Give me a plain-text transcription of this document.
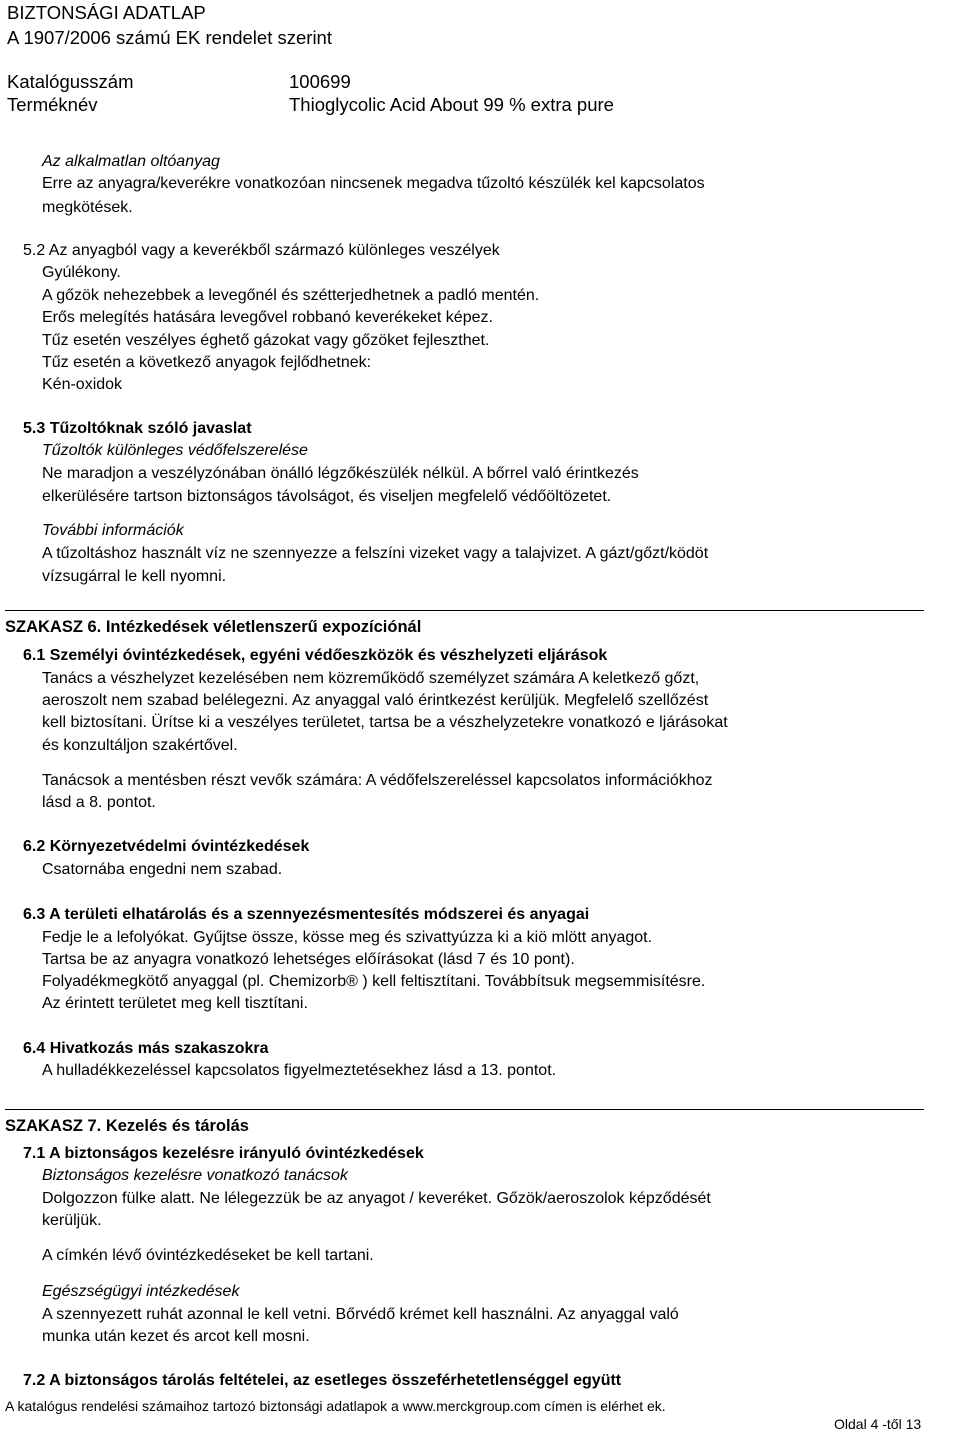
BIZTONSÁGI ADATLAP
A 1907/2006 számú EK rendelet szerint
Katalógusszám	100699
Terméknév	Thioglycolic Acid About 99 % extra pure
Az alkalmatlan oltóanyag
Erre az anyagra/keverékre vonatkozóan nincsenek megadva tűzoltó készülék kel kapcsolatos
megkötések.
5.2 Az anyagból vagy a keverékből származó különleges veszélyek
Gyúlékony.
A gőzök nehezebbek a levegőnél és szétterjedhetnek a padló mentén.
Erős melegítés hatására levegővel robbanó keverékeket képez.
Tűz esetén veszélyes éghető gázokat vagy gőzöket fejleszthet.
Tűz esetén a következő anyagok fejlődhetnek:
Kén-oxidok
5.3 Tűzoltóknak szóló javaslat
Tűzoltók különleges védőfelszerelése
Ne maradjon a veszélyzónában önálló légzőkészülék nélkül. A bőrrel való érintkezés
elkerülésére tartson biztonságos távolságot, és viseljen megfelelő védőöltözetet.
További információk
A tűzoltáshoz használt víz ne szennyezze a felszíni vizeket vagy a talajvizet. A gázt/gőzt/ködöt
vízsugárral le kell nyomni.
SZAKASZ 6. Intézkedések véletlenszerű expozíciónál
6.1 Személyi óvintézkedések, egyéni védőeszközök és vészhelyzeti eljárások
Tanács a vészhelyzet kezelésében nem közreműködő személyzet számára A keletkező gőzt,
aeroszolt nem szabad belélegezni. Az anyaggal való érintkezést kerüljük. Megfelelő szellőzést
kell biztosítani. Ürítse ki a veszélyes területet, tartsa be a vészhelyzetekre vonatkozó e ljárásokat
és konzultáljon szakértővel.
Tanácsok a mentésben részt vevők számára: A védőfelszereléssel kapcsolatos információkhoz
lásd a 8. pontot.
6.2 Környezetvédelmi óvintézkedések
Csatornába engedni nem szabad.
6.3 A területi elhatárolás és a szennyezésmentesítés módszerei és anyagai
Fedje le a lefolyókat. Gyűjtse össze, kösse meg és szivattyúzza ki a kiö mlött anyagot.
Tartsa be az anyagra vonatkozó lehetséges előírásokat (lásd 7 és 10 pont).
Folyadékmegkötő anyaggal (pl. Chemizorb® ) kell feltisztítani. Továbbítsuk megsemmisítésre.
Az érintett területet meg kell tisztítani.
6.4 Hivatkozás más szakaszokra
A hulladékkezeléssel kapcsolatos figyelmeztetésekhez lásd a 13. pontot.
SZAKASZ 7. Kezelés és tárolás
7.1 A biztonságos kezelésre irányuló óvintézkedések
Biztonságos kezelésre vonatkozó tanácsok
Dolgozzon fülke alatt. Ne lélegezzük be az anyagot / keveréket. Gőzök/aeroszolok képződését
kerüljük.
A címkén lévő óvintézkedéseket be kell tartani.
Egészségügyi intézkedések
A szennyezett ruhát azonnal le kell vetni. Bőrvédő krémet kell használni. Az anyaggal való
munka után kezet és arcot kell mosni.
7.2 A biztonságos tárolás feltételei, az esetleges összeférhetetlenséggel együtt
A katalógus rendelési számaihoz tartozó biztonsági adatlapok a www.merckgroup.com címen is elérhet ek.
Oldal 4 -től 13
